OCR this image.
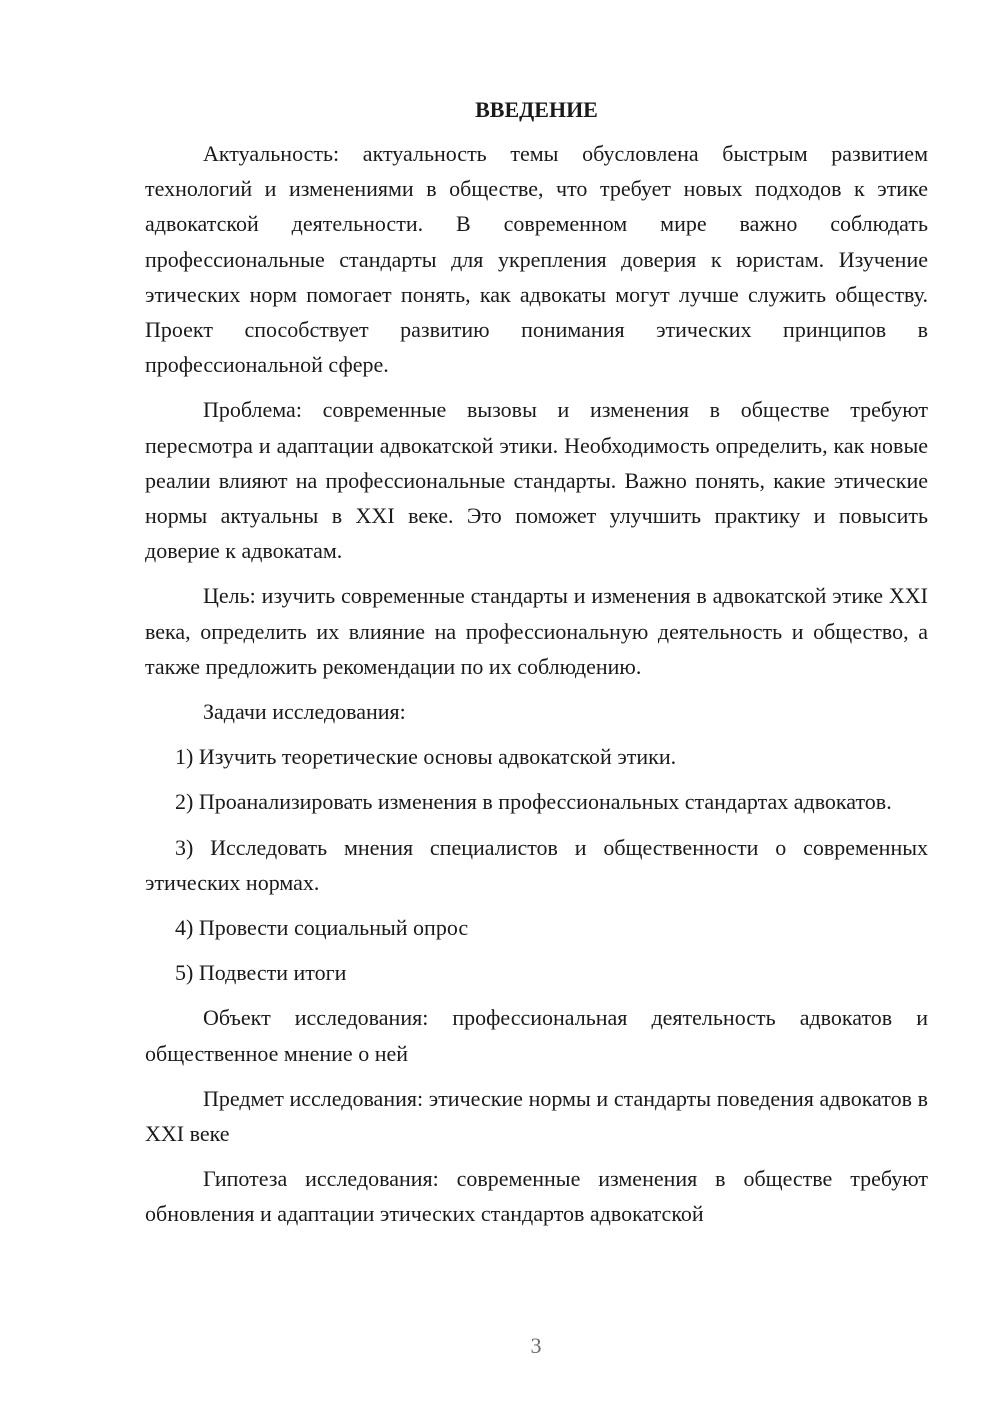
ВВЕДЕНИЕ

Актуальность: актуальность темы обусловлена быстрым развитием технологий и изменениями в обществе, что требует новых подходов к этике адвокатской деятельности. В современном мире важно соблюдать профессиональные стандарты для укрепления доверия к юристам. Изучение этических норм помогает понять, как адвокаты могут лучше служить обществу. Проект способствует развитию понимания этических принципов в профессиональной сфере.

Проблема: современные вызовы и изменения в обществе требуют пересмотра и адаптации адвокатской этики. Необходимость определить, как новые реалии влияют на профессиональные стандарты. Важно понять, какие этические нормы актуальны в XXI веке. Это поможет улучшить практику и повысить доверие к адвокатам.

Цель: изучить современные стандарты и изменения в адвокатской этике XXI века, определить их влияние на профессиональную деятельность и общество, а также предложить рекомендации по их соблюдению.

Задачи исследования:

1) Изучить теоретические основы адвокатской этики.

2) Проанализировать изменения в профессиональных стандартах адвокатов.

3) Исследовать мнения специалистов и общественности о современных этических нормах.

4) Провести социальный опрос

5) Подвести итоги

Объект исследования: профессиональная деятельность адвокатов и общественное мнение о ней

Предмет исследования: этические нормы и стандарты поведения адвокатов в XXI веке

Гипотеза исследования: современные изменения в обществе требуют обновления и адаптации этических стандартов адвокатской

3
